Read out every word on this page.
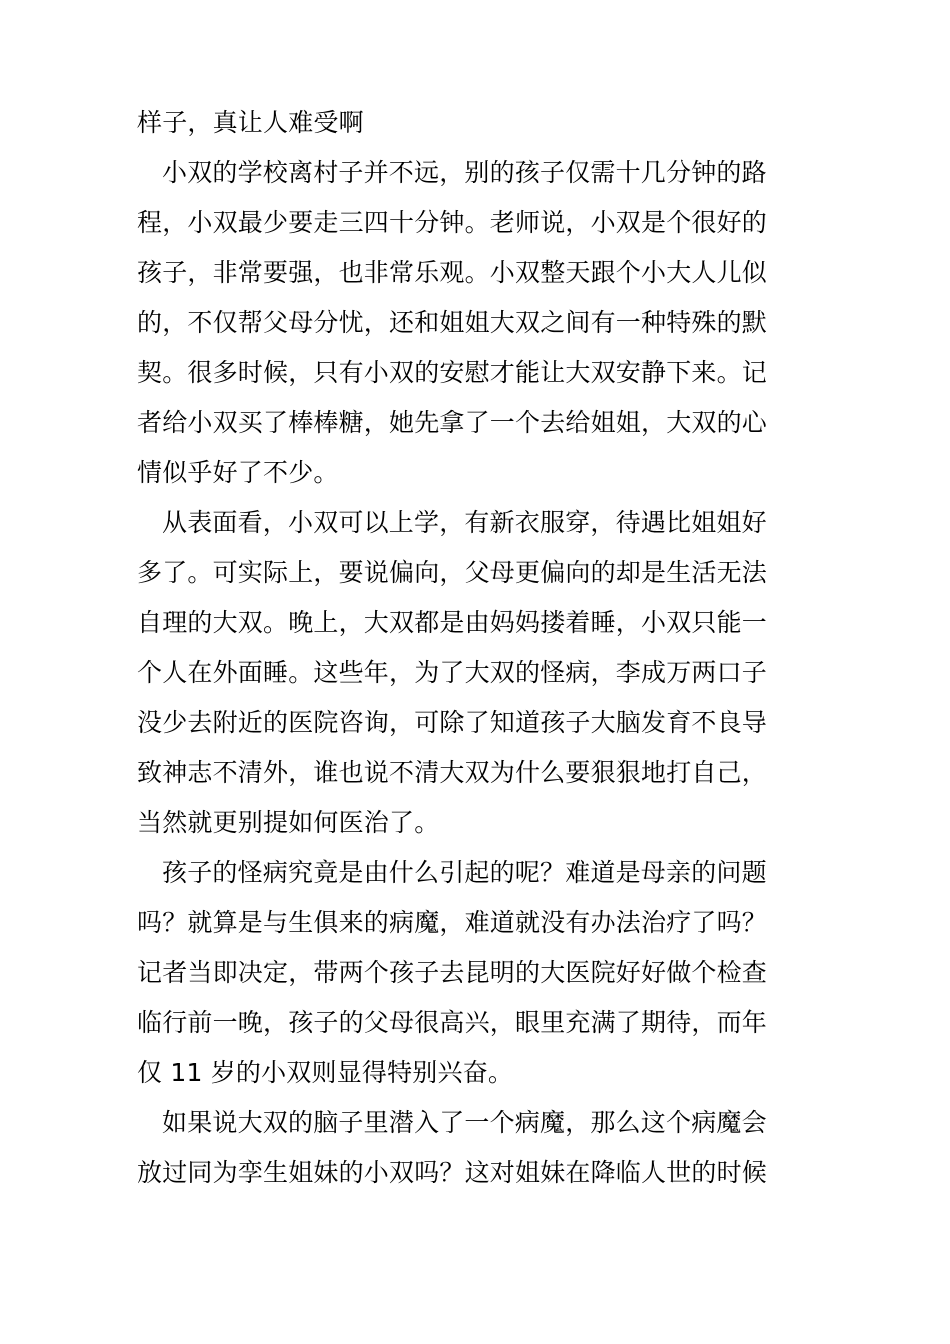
样子，真让人难受啊
小双的学校离村子并不远，别的孩子仅需十几分钟的路
程，小双最少要走三四十分钟。老师说，小双是个很好的
孩子，非常要强，也非常乐观。小双整天跟个小大人儿似
的，不仅帮父母分忧，还和姐姐大双之间有一种特殊的默
契。很多时候，只有小双的安慰才能让大双安静下来。记
者给小双买了棒棒糖，她先拿了一个去给姐姐，大双的心
情似乎好了不少。
从表面看，小双可以上学，有新衣服穿，待遇比姐姐好
多了。可实际上，要说偏向，父母更偏向的却是生活无法
自理的大双。晚上，大双都是由妈妈搂着睡，小双只能一
个人在外面睡。这些年，为了大双的怪病，李成万两口子
没少去附近的医院咨询，可除了知道孩子大脑发育不良导
致神志不清外，谁也说不清大双为什么要狠狠地打自己，
当然就更别提如何医治了。
孩子的怪病究竟是由什么引起的呢？难道是母亲的问题
吗？就算是与生俱来的病魔，难道就没有办法治疗了吗？
记者当即决定，带两个孩子去昆明的大医院好好做个检查
临行前一晚，孩子的父母很高兴，眼里充满了期待，而年
仅 11 岁的小双则显得特别兴奋。
如果说大双的脑子里潜入了一个病魔，那么这个病魔会
放过同为孪生姐妹的小双吗？这对姐妹在降临人世的时候
